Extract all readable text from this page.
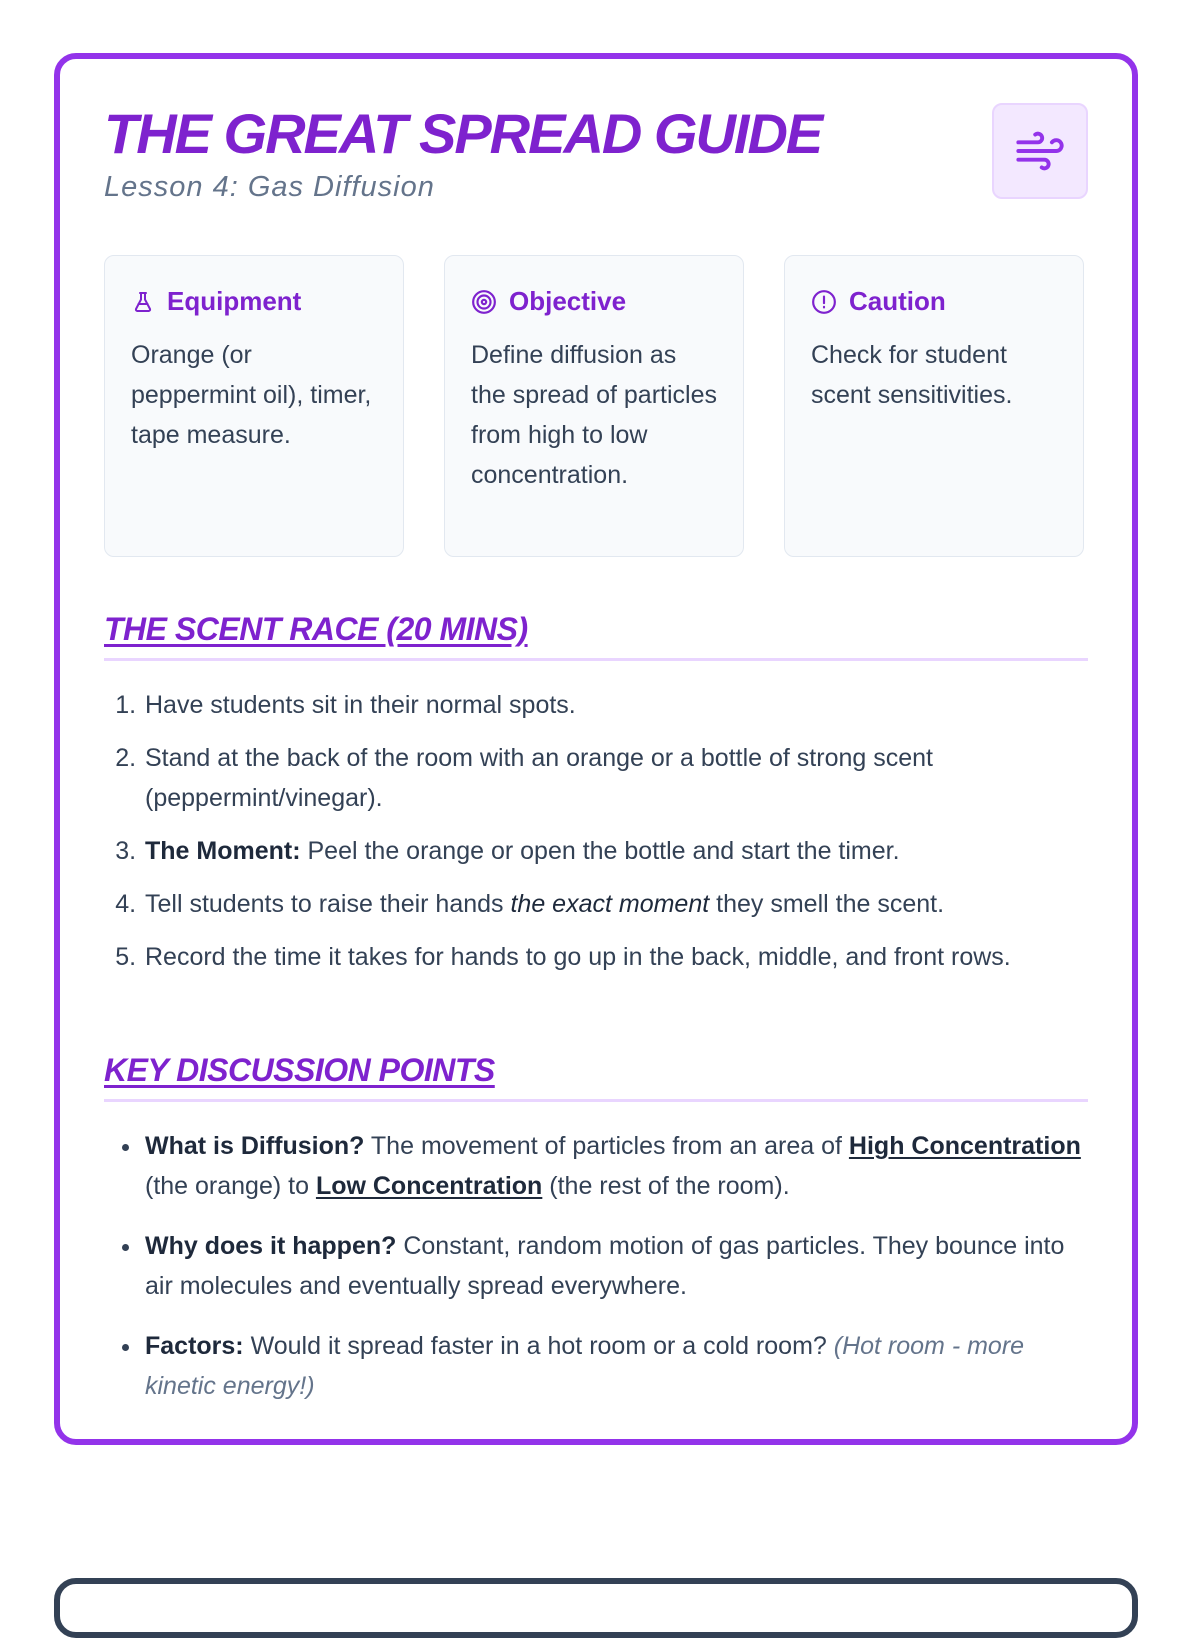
THE GREAT SPREAD GUIDE
Lesson 4: Gas Diffusion
Equipment
Orange (or peppermint oil), timer, tape measure.
Objective
Define diffusion as the spread of particles from high to low concentration.
Caution
Check for student scent sensitivities.
THE SCENT RACE (20 MINS)
1. Have students sit in their normal spots.
2. Stand at the back of the room with an orange or a bottle of strong scent (peppermint/vinegar).
3. The Moment: Peel the orange or open the bottle and start the timer.
4. Tell students to raise their hands the exact moment they smell the scent.
5. Record the time it takes for hands to go up in the back, middle, and front rows.
KEY DISCUSSION POINTS
• What is Diffusion? The movement of particles from an area of High Concentration (the orange) to Low Concentration (the rest of the room).
• Why does it happen? Constant, random motion of gas particles. They bounce into air molecules and eventually spread everywhere.
• Factors: Would it spread faster in a hot room or a cold room? (Hot room - more kinetic energy!)
